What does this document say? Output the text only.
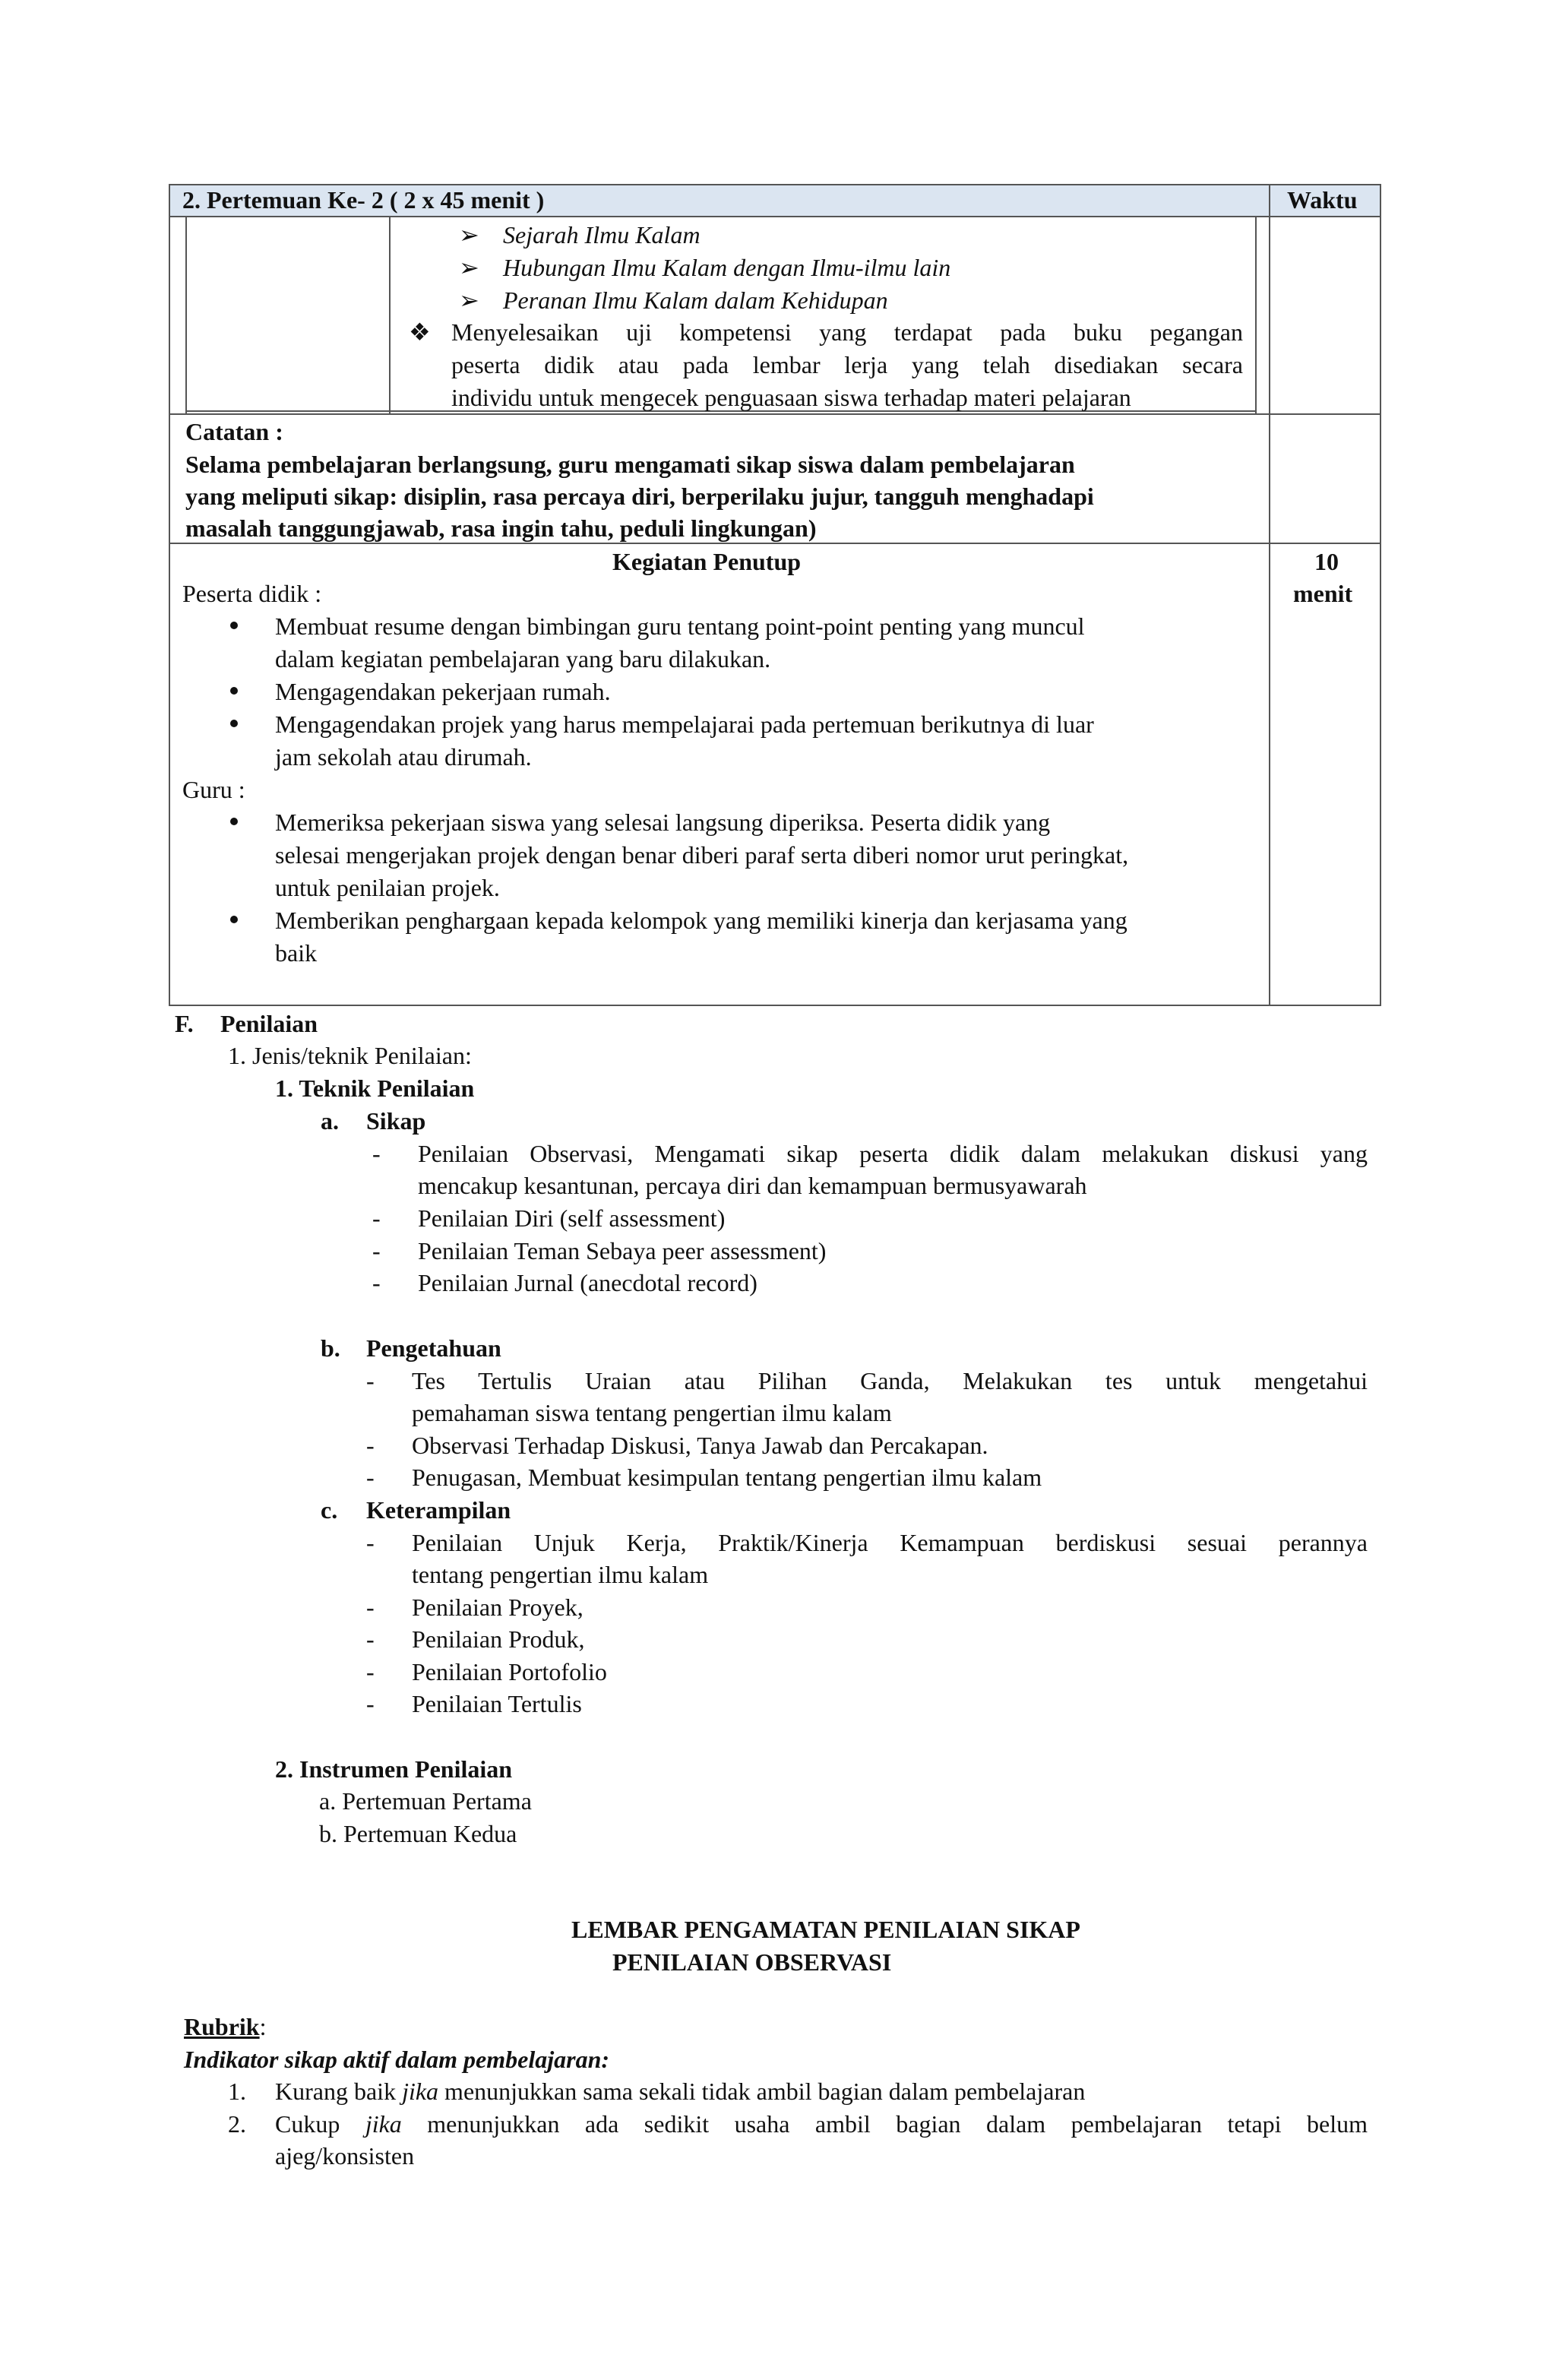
2. Pertemuan Ke- 2 ( 2 x 45 menit )	Waktu
➢ Sejarah Ilmu Kalam
➢ Hubungan Ilmu Kalam dengan Ilmu-ilmu lain
➢ Peranan Ilmu Kalam dalam Kehidupan
❖ Menyelesaikan uji kompetensi yang terdapat pada buku pegangan
peserta didik atau pada lembar lerja yang telah disediakan secara
individu untuk mengecek penguasaan siswa terhadap materi pelajaran
Catatan :
Selama pembelajaran berlangsung, guru mengamati sikap siswa dalam pembelajaran
yang meliputi sikap: disiplin, rasa percaya diri, berperilaku jujur, tangguh menghadapi
masalah tanggungjawab, rasa ingin tahu, peduli lingkungan)
Kegiatan Penutup	10
menit
Peserta didik :
Membuat resume dengan bimbingan guru tentang point-point penting yang muncul
dalam kegiatan pembelajaran yang baru dilakukan.
Mengagendakan pekerjaan rumah.
Mengagendakan projek yang harus mempelajarai pada pertemuan berikutnya di luar
jam sekolah atau dirumah.
Guru :
Memeriksa pekerjaan siswa yang selesai langsung diperiksa. Peserta didik yang
selesai mengerjakan projek dengan benar diberi paraf serta diberi nomor urut peringkat,
untuk penilaian projek.
Memberikan penghargaan kepada kelompok yang memiliki kinerja dan kerjasama yang
baik
F. Penilaian
1. Jenis/teknik Penilaian:
1. Teknik Penilaian
a. Sikap
- Penilaian Observasi, Mengamati sikap peserta didik dalam melakukan diskusi yang
mencakup kesantunan, percaya diri dan kemampuan bermusyawarah
- Penilaian Diri (self assessment)
- Penilaian Teman Sebaya peer assessment)
- Penilaian Jurnal (anecdotal record)
b. Pengetahuan
- Tes Tertulis Uraian atau Pilihan Ganda, Melakukan tes untuk mengetahui
pemahaman siswa tentang pengertian ilmu kalam
- Observasi Terhadap Diskusi, Tanya Jawab dan Percakapan.
- Penugasan, Membuat kesimpulan tentang pengertian ilmu kalam
c. Keterampilan
- Penilaian Unjuk Kerja, Praktik/Kinerja Kemampuan berdiskusi sesuai perannya
tentang pengertian ilmu kalam
- Penilaian Proyek,
- Penilaian Produk,
- Penilaian Portofolio
- Penilaian Tertulis
2. Instrumen Penilaian
a. Pertemuan Pertama
b. Pertemuan Kedua
LEMBAR PENGAMATAN PENILAIAN SIKAP
PENILAIAN OBSERVASI
Rubrik:
Indikator sikap aktif dalam pembelajaran:
1. Kurang baik jika menunjukkan sama sekali tidak ambil bagian dalam pembelajaran
2. Cukup jika menunjukkan ada sedikit usaha ambil bagian dalam pembelajaran tetapi belum
ajeg/konsisten
